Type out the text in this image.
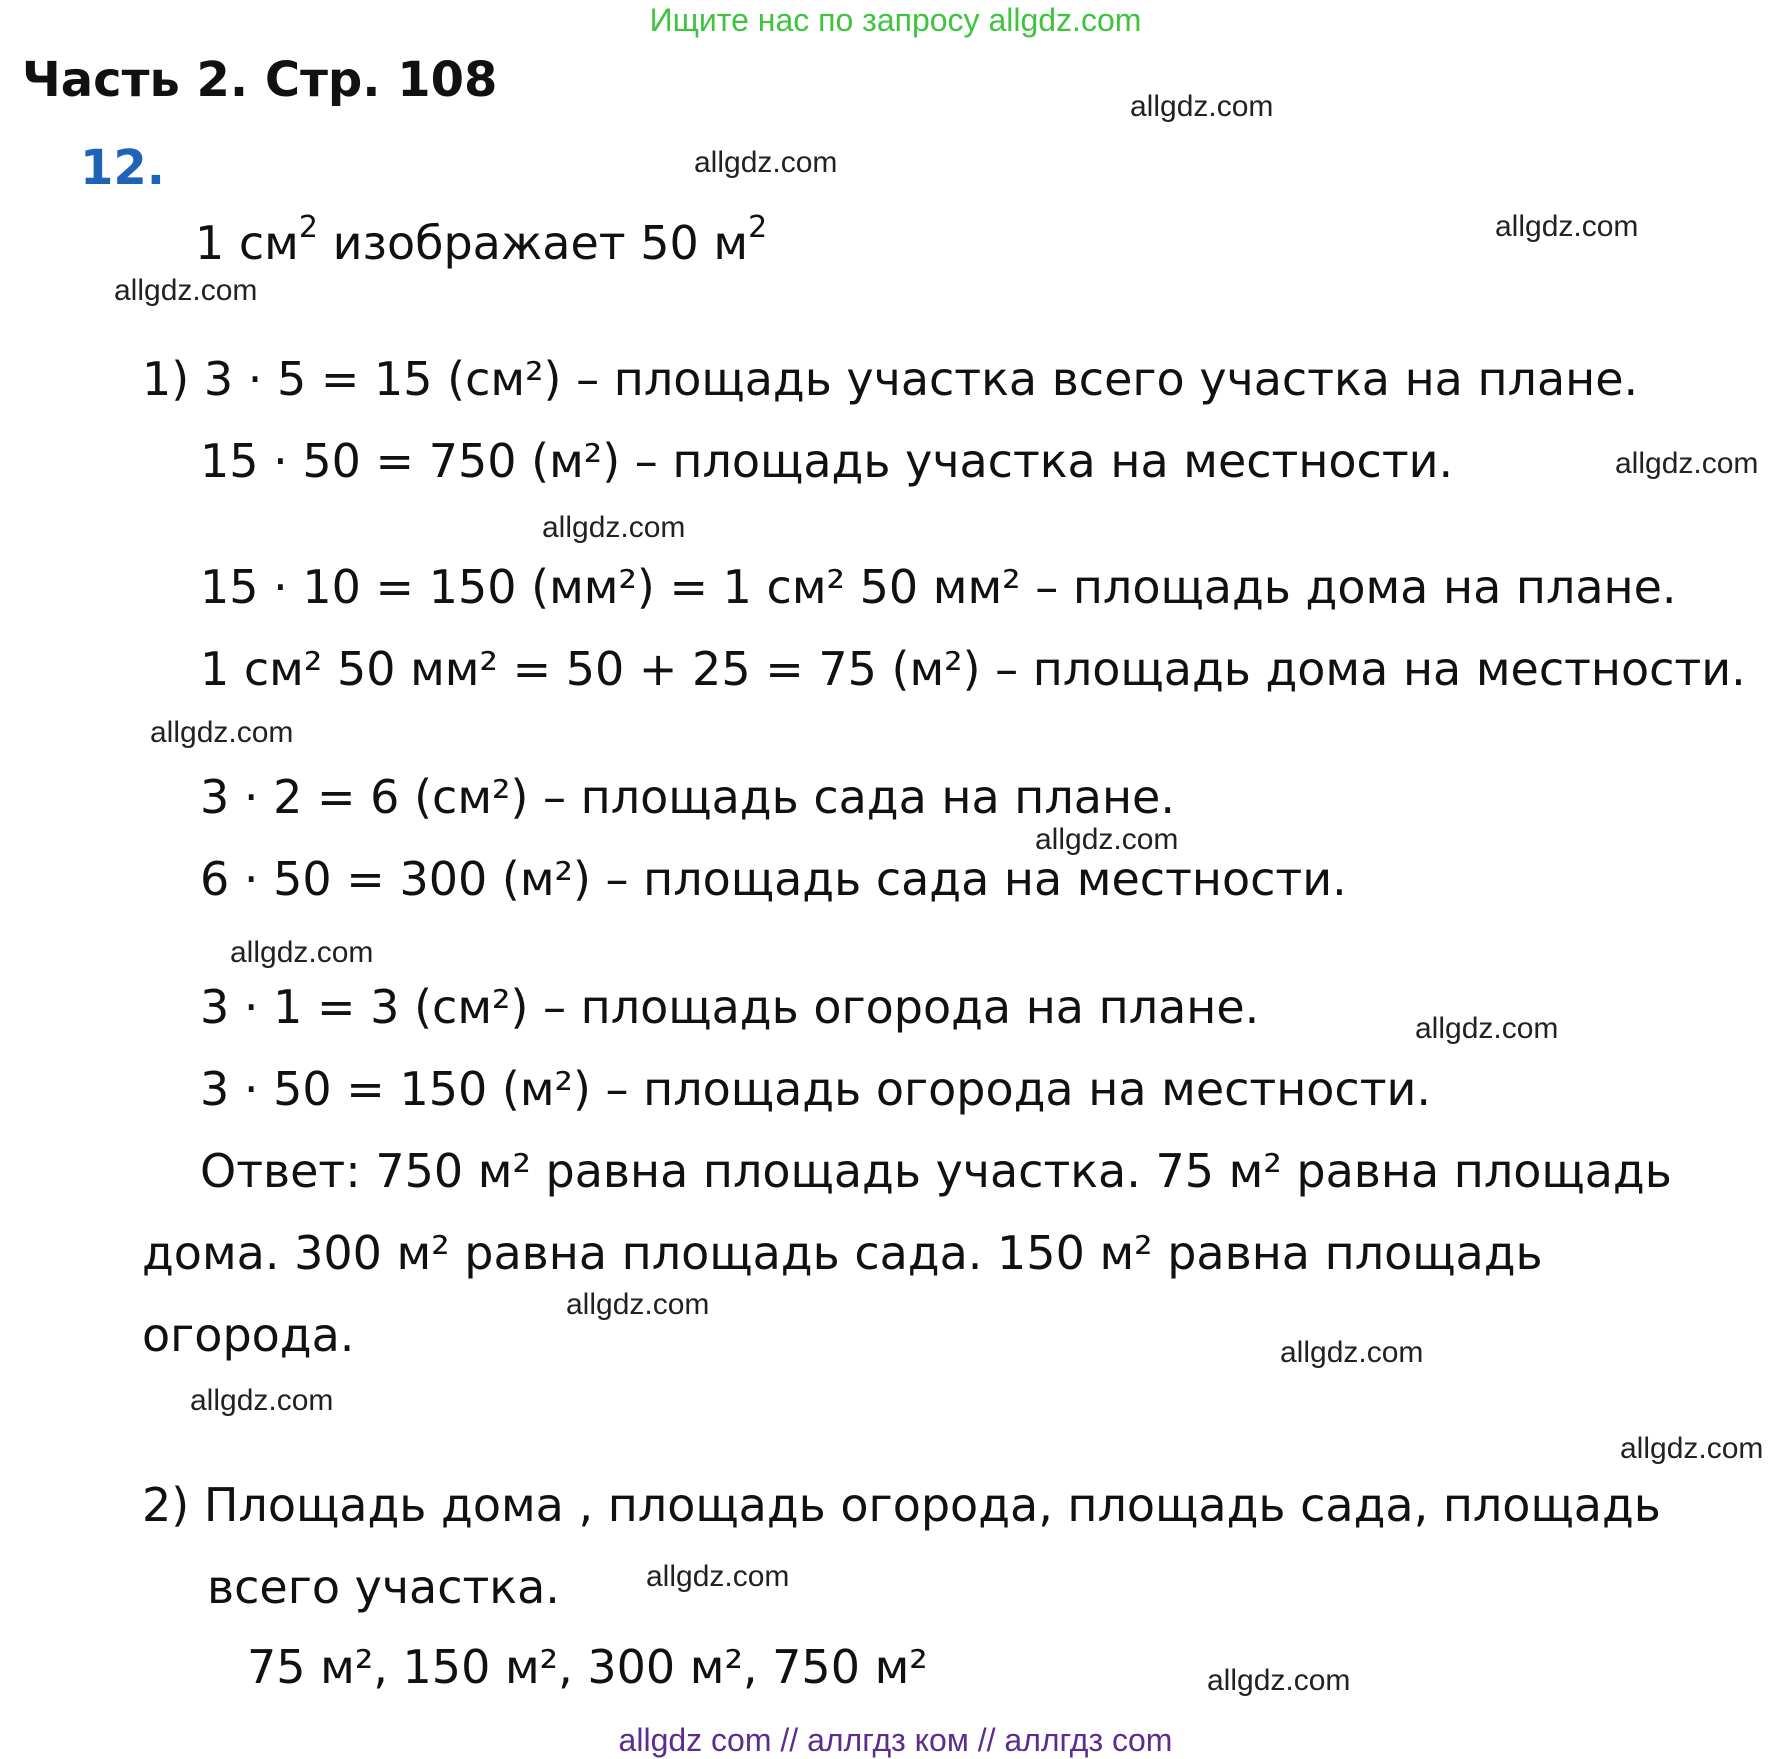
Ищите нас по запросу allgdz.com
Часть 2. Стр. 108
12.
1 $см^2$ изображает 50 $м^2$
1) 3 · 5 = 15 (см²) – площадь участка всего участка на плане.
15 · 50 = 750 (м²) – площадь участка на местности.
15 · 10 = 150 (мм²) = 1 см² 50 мм² – площадь дома на плане.
1 см² 50 мм² = 50 + 25 = 75 (м²) – площадь дома на местности.
3 · 2 = 6 (см²) – площадь сада на плане.
6 · 50 = 300 (м²) – площадь сада на местности.
3 · 1 = 3 (см²) – площадь огорода на плане.
3 · 50 = 150 (м²) – площадь огорода на местности.
Ответ: 750 м² равна площадь участка. 75 м² равна площадь
дома. 300 м² равна площадь сада. 150 м² равна площадь
огорода.
2) Площадь дома , площадь огорода, площадь сада, площадь
всего участка.
75 м², 150 м², 300 м², 750 м²
allgdz.com
allgdz.com
allgdz.com
allgdz.com
allgdz.com
allgdz.com
allgdz.com
allgdz.com
allgdz.com
allgdz.com
allgdz.com
allgdz.com
allgdz.com
allgdz.com
allgdz.com
allgdz.com
allgdz com // аллгдз ком // аллгдз com
